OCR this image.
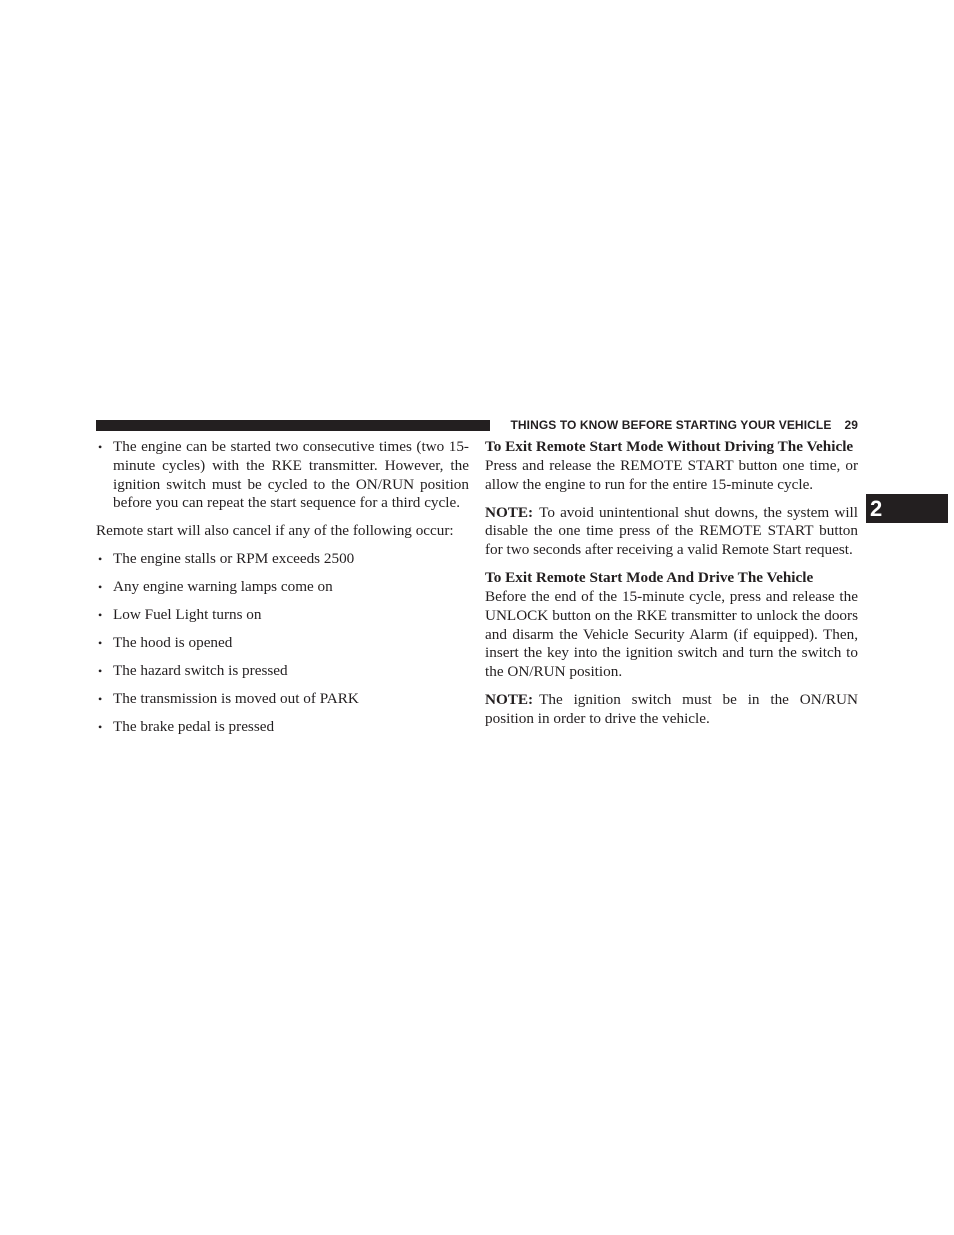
THINGS TO KNOW BEFORE STARTING YOUR VEHICLE 29
2
• The engine can be started two consecutive times (two 15-minute cycles) with the RKE transmitter. However, the ignition switch must be cycled to the ON/RUN position before you can repeat the start sequence for a third cycle.

Remote start will also cancel if any of the following occur:

• The engine stalls or RPM exceeds 2500
• Any engine warning lamps come on
• Low Fuel Light turns on
• The hood is opened
• The hazard switch is pressed
• The transmission is moved out of PARK
• The brake pedal is pressed

To Exit Remote Start Mode Without Driving The Vehicle

Press and release the REMOTE START button one time, or allow the engine to run for the entire 15-minute cycle.

NOTE: To avoid unintentional shut downs, the system will disable the one time press of the REMOTE START button for two seconds after receiving a valid Remote Start request.

To Exit Remote Start Mode And Drive The Vehicle

Before the end of the 15-minute cycle, press and release the UNLOCK button on the RKE transmitter to unlock the doors and disarm the Vehicle Security Alarm (if equipped). Then, insert the key into the ignition switch and turn the switch to the ON/RUN position.

NOTE: The ignition switch must be in the ON/RUN position in order to drive the vehicle.
